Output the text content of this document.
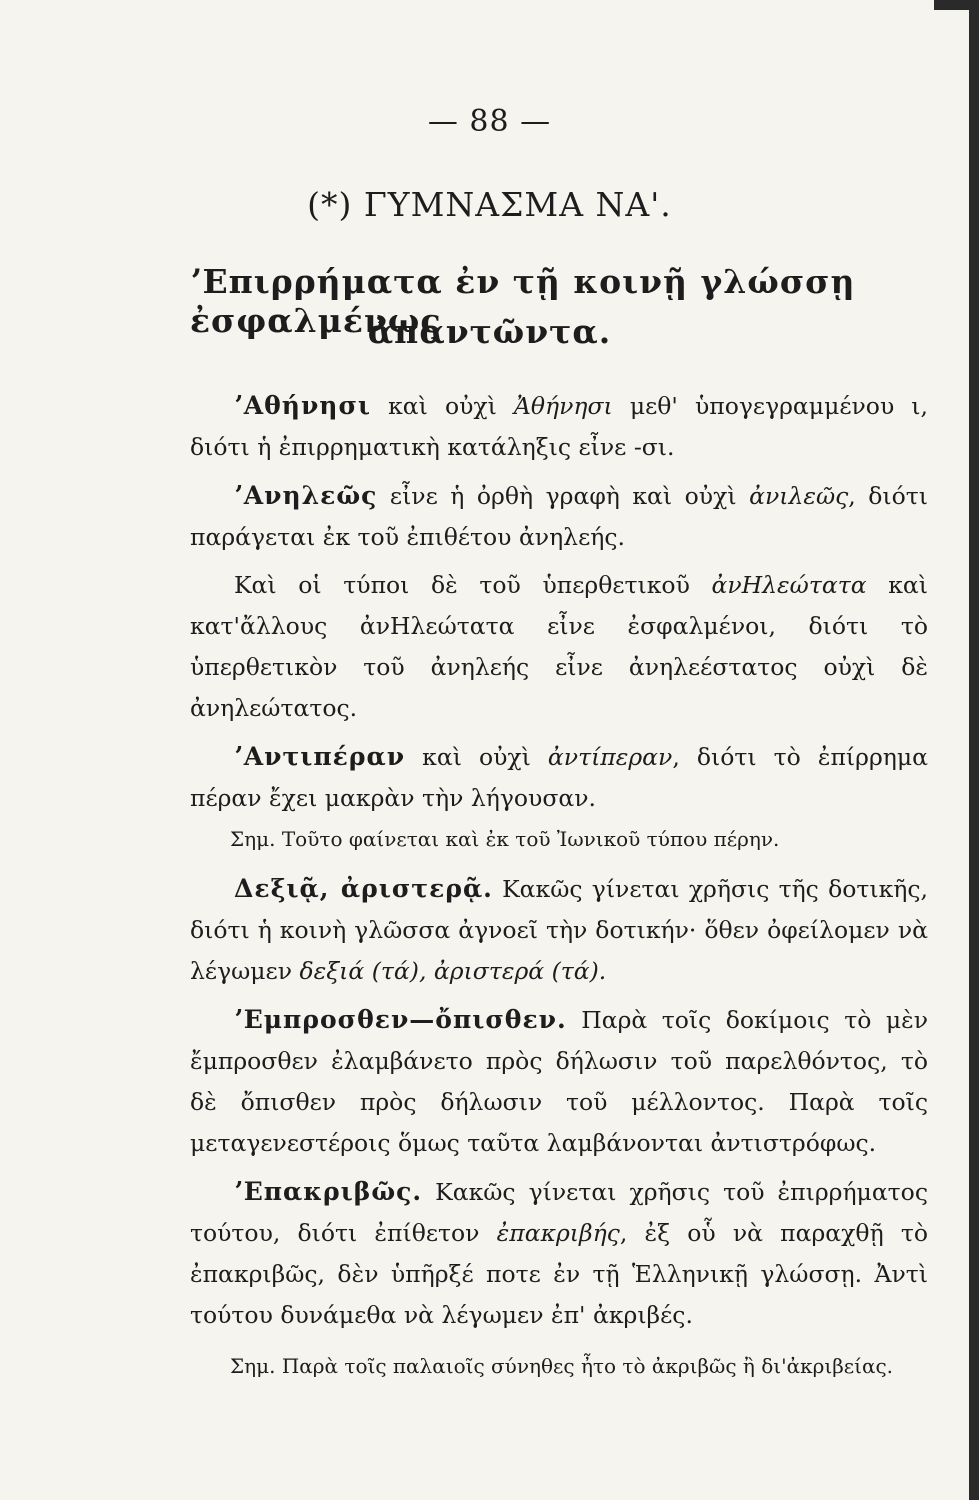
— 88 —
(*) ΓΥΜΝΑΣΜΑ ΝΑ'.
ʼΕπιρρήματα ἐν τῇ κοινῇ γλώσσῃ ἐσφαλμένως
ἀπαντῶντα.

ʼΑθήνησι καὶ οὐχὶ Ἀθήνησι μεθ' ὑπογεγραμμένου ι, διότι ἡ ἐπιρρηματικὴ κατάληξις εἶνε -σι.

ʼΑνηλεῶς εἶνε ἡ ὀρθὴ γραφὴ καὶ οὐχὶ ἀνιλεῶς, διότι παράγεται ἐκ τοῦ ἐπιθέτου ἀνηλεής.

Καὶ οἱ τύποι δὲ τοῦ ὑπερθετικοῦ ἀνΗλεώτατα καὶ κατ'ἄλλους ἀνΗλεώτατα εἶνε ἐσφαλμένοι, διότι τὸ ὑπερθετικὸν τοῦ ἀνηλεής εἶνε ἀνηλεέστατος οὐχὶ δὲ ἀνηλεώτατος.

ʼΑντιπέραν καὶ οὐχὶ ἀντίπεραν, διότι τὸ ἐπίρρημα πέραν ἔχει μακρὰν τὴν λήγουσαν.

Σημ. Τοῦτο φαίνεται καὶ ἐκ τοῦ Ἰωνικοῦ τύπου πέρην.

Δεξιᾷ, ἀριστερᾷ. Κακῶς γίνεται χρῆσις τῆς δοτικῆς, διότι ἡ κοινὴ γλῶσσα ἀγνοεῖ τὴν δοτικήν· ὅθεν ὀφείλομεν νὰ λέγωμεν δεξιά (τά), ἀριστερά (τά).

ʼΕμπροσθεν—ὄπισθεν. Παρὰ τοῖς δοκίμοις τὸ μὲν ἔμπροσθεν ἐλαμβάνετο πρὸς δήλωσιν τοῦ παρελθόντος, τὸ δὲ ὄπισθεν πρὸς δήλωσιν τοῦ μέλλοντος. Παρὰ τοῖς μεταγενεστέροις ὅμως ταῦτα λαμβάνονται ἀντιστρόφως.

ʼΕπακριβῶς. Κακῶς γίνεται χρῆσις τοῦ ἐπιρρήματος τούτου, διότι ἐπίθετον ἐπακριβής, ἐξ οὗ νὰ παραχθῇ τὸ ἐπακριβῶς, δὲν ὑπῆρξέ ποτε ἐν τῇ Ἑλληνικῇ γλώσσῃ. Ἀντὶ τούτου δυνάμεθα νὰ λέγωμεν ἐπ' ἀκριβές.

Σημ. Παρὰ τοῖς παλαιοῖς σύνηθες ἦτο τὸ ἀκριβῶς ἢ δι'ἀκριβείας.
